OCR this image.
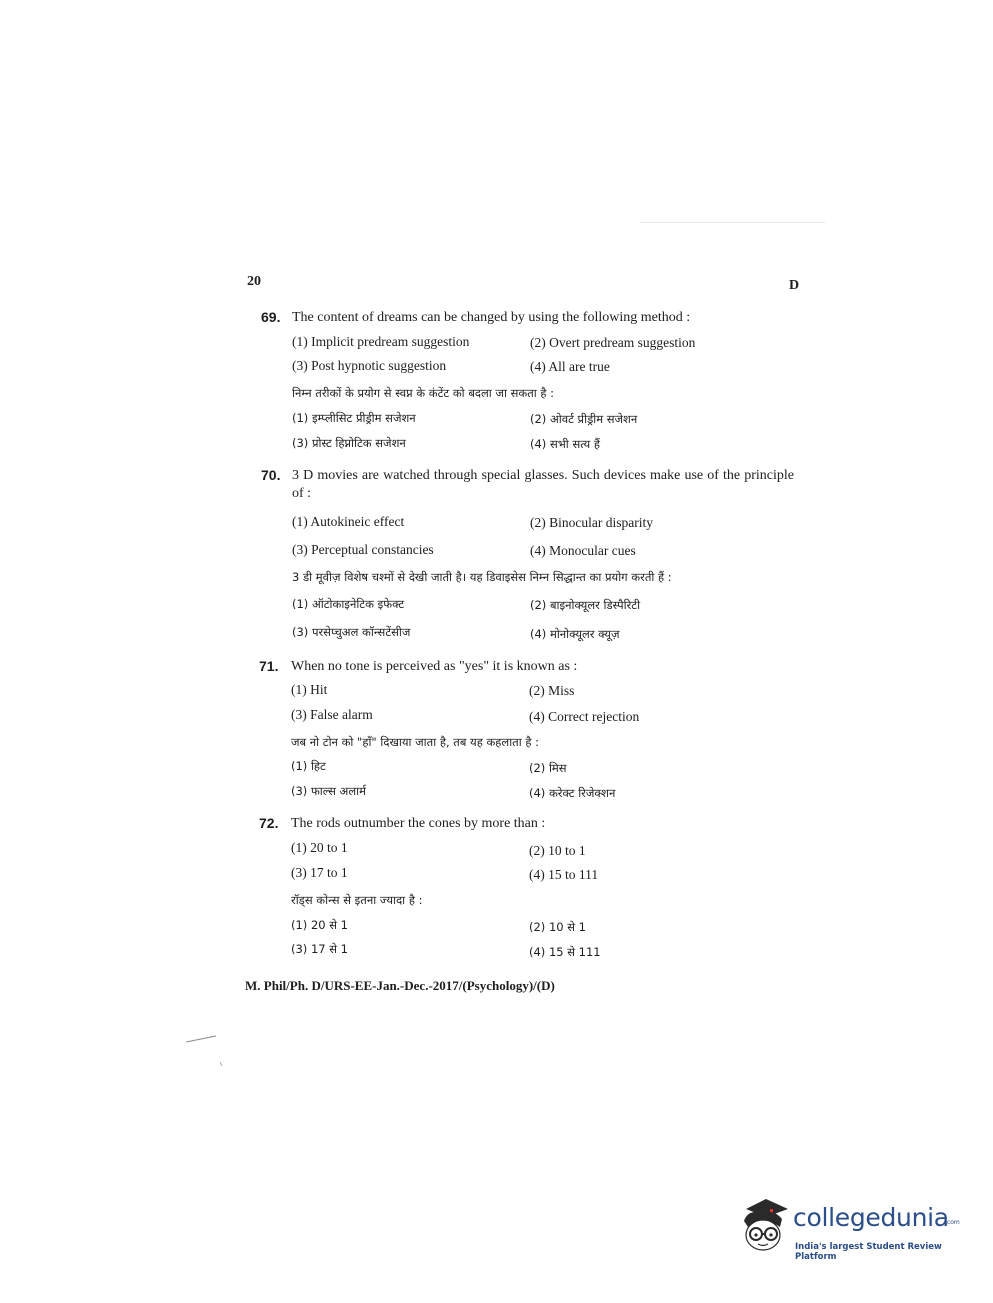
20	D
69. The content of dreams can be changed by using the following method :
(1) Implicit predream suggestion	(2) Overt predream suggestion
(3) Post hypnotic suggestion	(4) All are true
निम्न तरीकों के प्रयोग से स्वप्न के कंटेंट को बदला जा सकता है :
(1) इम्प्लीसिट प्रीड्रीम सजेशन	(2) ओवर्ट प्रीड्रीम सजेशन
(3) प्रोस्ट हिप्नोटिक सजेशन	(4) सभी सत्य हैं
70. 3 D movies are watched through special glasses. Such devices make use of the principle of :
(1) Autokineic effect	(2) Binocular disparity
(3) Perceptual constancies	(4) Monocular cues
3 डी मूवीज़ विशेष चश्मों से देखी जाती है। यह डिवाइसेस निम्न सिद्धान्त का प्रयोग करती हैं :
(1) ऑटोकाइनेटिक इफेक्ट	(2) बाइनोक्यूलर डिस्पैरिटी
(3) परसेप्चुअल कॉन्सटेंसीज	(4) मोनोक्यूलर क्यूज़
71. When no tone is perceived as "yes" it is known as :
(1) Hit	(2) Miss
(3) False alarm	(4) Correct rejection
जब नो टोन को "हाँ" दिखाया जाता है, तब यह कहलाता है :
(1) हिट	(2) मिस
(3) फाल्स अलार्म	(4) करेक्ट रिजेक्शन
72. The rods outnumber the cones by more than :
(1) 20 to 1	(2) 10 to 1
(3) 17 to 1	(4) 15 to 111
रॉड्स कोन्स से इतना ज्यादा है :
(1) 20 से 1	(2) 10 से 1
(3) 17 से 1	(4) 15 से 111
M. Phil/Ph. D/URS-EE-Jan.-Dec.-2017/(Psychology)/(D)
collegedunia
.com
India's largest Student Review Platform
